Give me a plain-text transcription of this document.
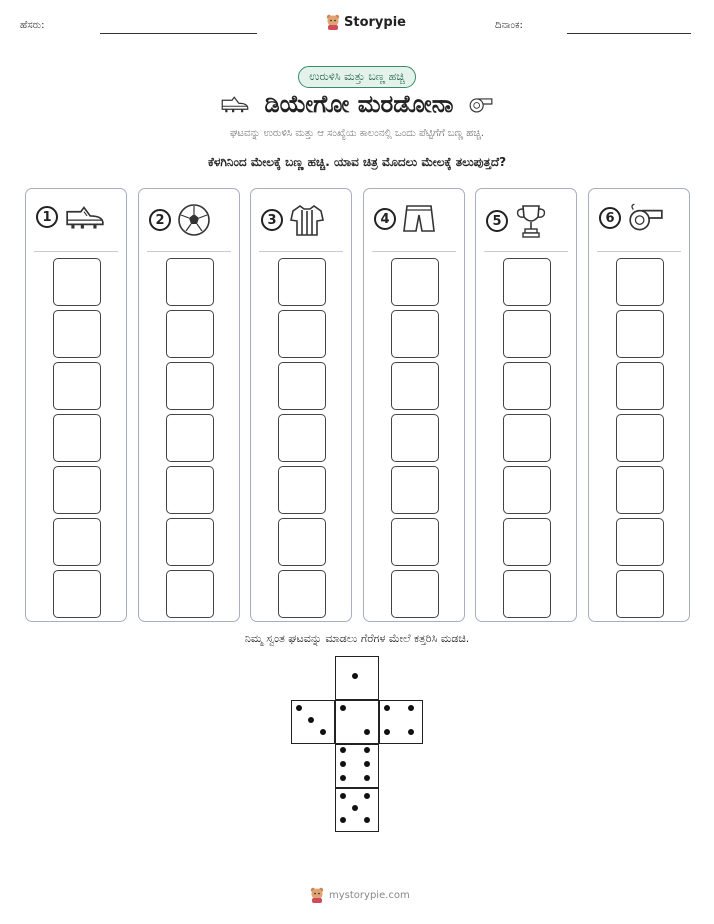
ಹೆಸರು:	Storypie	ದಿನಾಂಕ:
ಉರುಳಿಸಿ ಮತ್ತು ಬಣ್ಣ ಹಚ್ಚಿ
ಡಿಯೇಗೋ ಮರಡೋನಾ
ಘಟವನ್ನು ಉರುಳಿಸಿ ಮತ್ತು ಆ ಸಂಖ್ಯೆಯ ಕಾಲಂನಲ್ಲಿ ಒಂದು ಪೆಟ್ಟಿಗೆಗೆ ಬಣ್ಣ ಹಚ್ಚಿ.
ಕೆಳಗಿನಿಂದ ಮೇಲಕ್ಕೆ ಬಣ್ಣ ಹಚ್ಚಿ. ಯಾವ ಚಿತ್ರ ಮೊದಲು ಮೇಲಕ್ಕೆ ತಲುಪುತ್ತದೆ?
1	2	3	4	5	6
ನಿಮ್ಮ ಸ್ವಂತ ಘಟವನ್ನು ಮಾಡಲು ಗೆರೆಗಳ ಮೇಲೆ ಕತ್ತರಿಸಿ ಮಡಚಿ.
mystorypie.com
